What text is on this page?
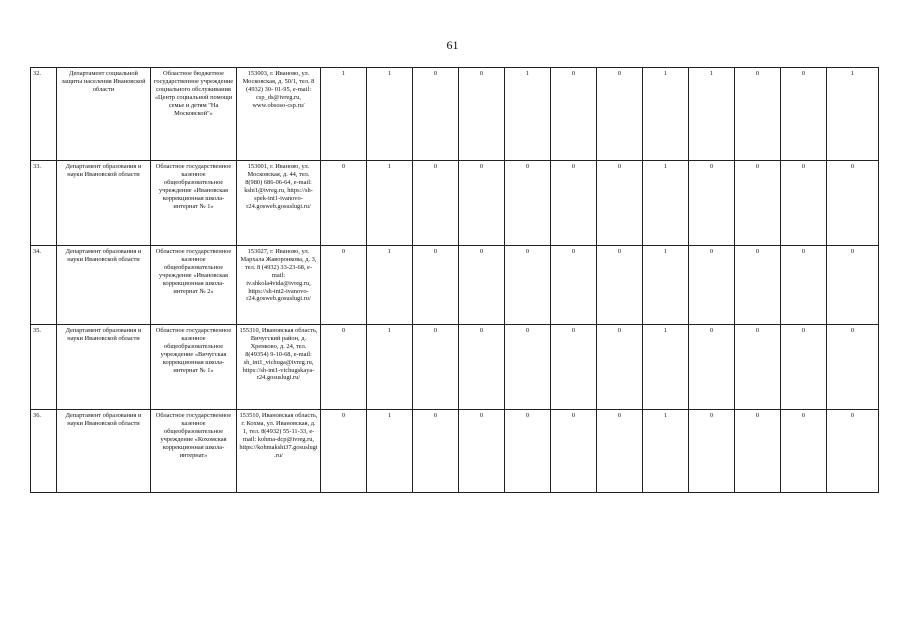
61
32.	Департамент социальной защиты населения Ивановской области	Областное бюджетное государственное учреждение социального обслуживания «Центр социальной помощи семье и детям "На Московской"»	153003, г. Иваново, ул. Московская, д. 50/1, тел. 8 (4932) 30- 01-95, e-mail: csp_ds@ivreg.ru, www.obsoso-csp.ru/	1	1	0	0	1	0	0	1	1	0	0	1
33.	Департамент образования и науки Ивановской области	Областное государственное казенное общеобразовательное учреждение «Ивановская коррекционная школа-интернат № 1»	153001, г. Иваново, ул. Московская, д. 44, тел. 8(980) 686-06-64, e-mail: kshi1@ivreg.ru, https://sh-spek-int1-ivanovo-r24.gosweb.gosuslugi.ru/	0	1	0	0	0	0	0	1	0	0	0	0
34.	Департамент образования и науки Ивановской области	Областное государственное казенное общеобразовательное учреждение «Ивановская коррекционная школа-интернат № 2»	153027, г. Иваново, ул. Мархала Жаворонкова, д. 3, тел. 8 (4932) 33-23-68, e-mail: iv.shkola4vida@ivreg.ru, https://sh-int2-ivanovo-r24.gosweb.gosuslugi.ru/	0	1	0	0	0	0	0	1	0	0	0	0
35.	Департамент образования и науки Ивановской области	Областное государственное казенное общеобразовательное учреждение «Вичугская коррекционная школа-интернат № 1»	155310, Ивановская область, Вичугский район, д. Хренково, д. 24, тел. 8(49354) 9-10-68, e-mail: sh_int1_vichuga@ivreg.ru, https://sh-int1-vichugskaya-r24.gosuslugi.ru/	0	1	0	0	0	0	0	1	0	0	0	0
36.	Департамент образования и науки Ивановской области	Областное государственное казенное общеобразовательное учреждение «Кохомская коррекционная школа-интернат»	153510, Ивановская область, г. Кохма, ул. Ивановская, д. 1, тел. 8(4932) 55-11-33, e-mail: kohma-dcp@ivreg.ru, https://kohmakshi37.gosuslugi.ru/	0	1	0	0	0	0	0	1	0	0	0	0
